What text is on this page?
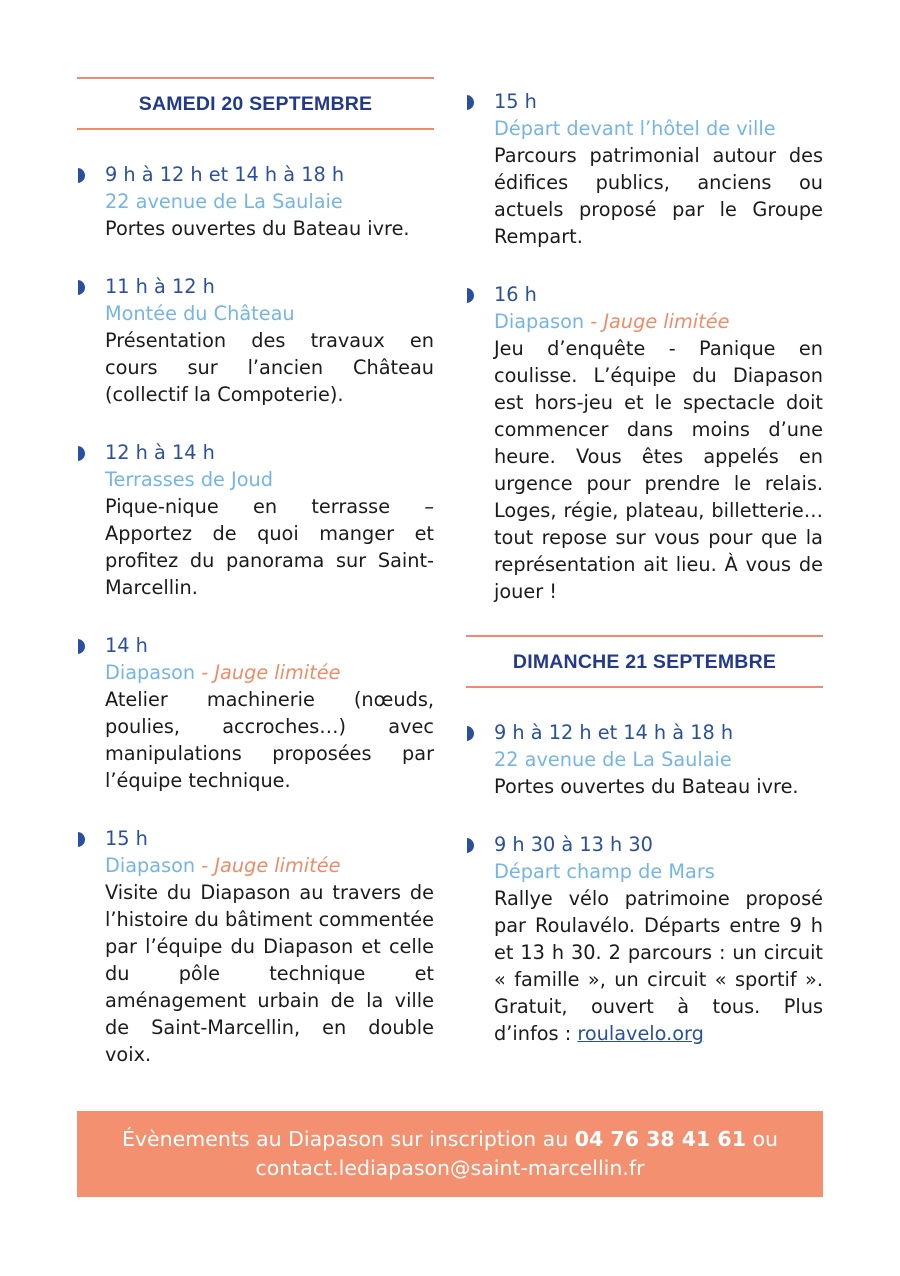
SAMEDI 20 SEPTEMBRE
9 h à 12 h et 14 h à 18 h
22 avenue de La Saulaie
Portes ouvertes du Bateau ivre.
11 h à 12 h
Montée du Château
Présentation des travaux en cours sur l’ancien Château (collectif la Compoterie).
12 h à 14 h
Terrasses de Joud
Pique-nique en terrasse – Apportez de quoi manger et profitez du panorama sur Saint-Marcellin.
14 h
Diapason - Jauge limitée
Atelier machinerie (nœuds, poulies, accroches…) avec manipulations proposées par l’équipe technique.
15 h
Diapason - Jauge limitée
Visite du Diapason au travers de l’histoire du bâtiment commentée par l’équipe du Diapason et celle du pôle technique et aménagement urbain de la ville de Saint-Marcellin, en double voix.
15 h
Départ devant l’hôtel de ville
Parcours patrimonial autour des édifices publics, anciens ou actuels proposé par le Groupe Rempart.
16 h
Diapason - Jauge limitée
Jeu d’enquête - Panique en coulisse. L’équipe du Diapason est hors-jeu et le spectacle doit commencer dans moins d’une heure. Vous êtes appelés en urgence pour prendre le relais. Loges, régie, plateau, billetterie… tout repose sur vous pour que la représentation ait lieu. À vous de jouer !
DIMANCHE 21 SEPTEMBRE
9 h à 12 h et 14 h à 18 h
22 avenue de La Saulaie
Portes ouvertes du Bateau ivre.
9 h 30 à 13 h 30
Départ champ de Mars
Rallye vélo patrimoine proposé par Roulavélo. Départs entre 9 h et 13 h 30. 2 parcours : un circuit « famille », un circuit « sportif ». Gratuit, ouvert à tous. Plus d’infos : roulavelo.org
Évènements au Diapason sur inscription au 04 76 38 41 61 ou
contact.lediapason@saint-marcellin.fr
